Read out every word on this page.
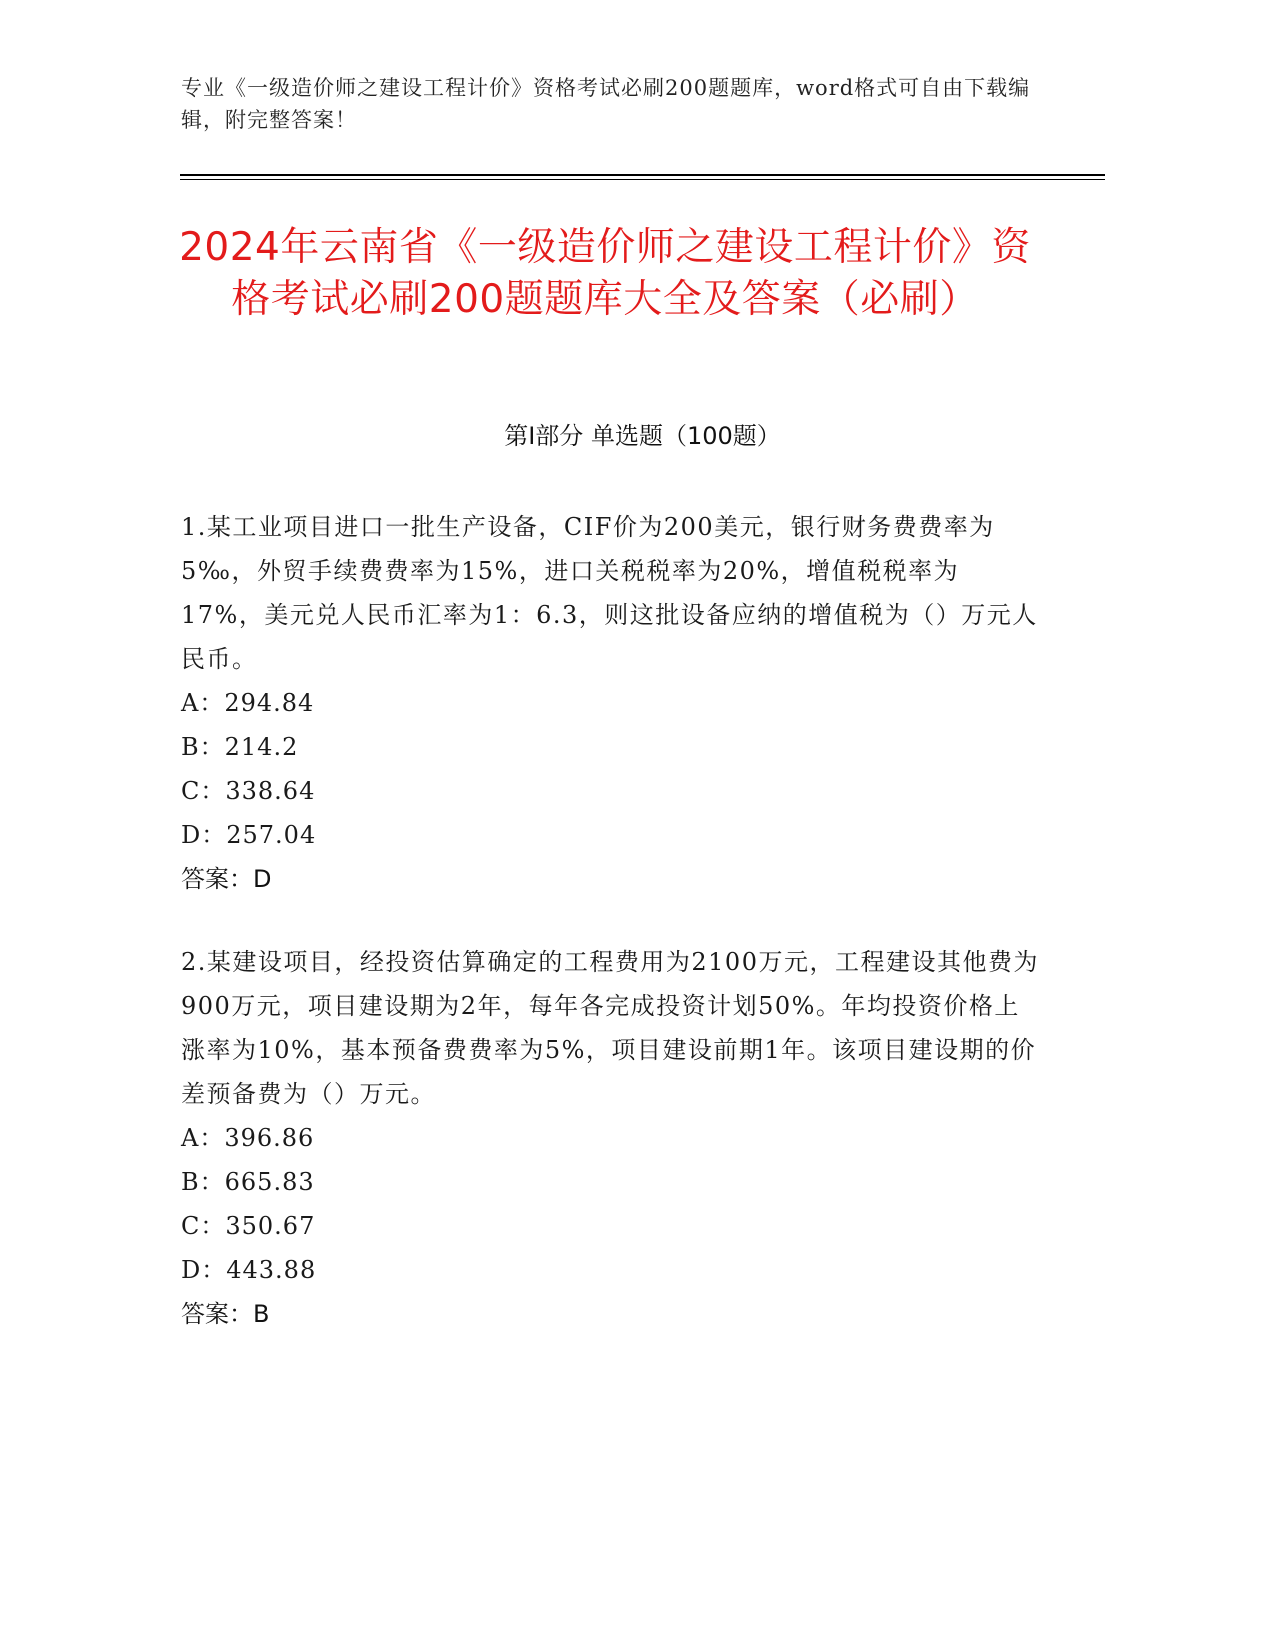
专业《一级造价师之建设工程计价》资格考试必刷200题题库，word格式可自由下载编辑，附完整答案！
2024年云南省《一级造价师之建设工程计价》资格考试必刷200题题库大全及答案（必刷）
第I部分 单选题（100题）
1.某工业项目进口一批生产设备，CIF价为200美元，银行财务费费率为5‰，外贸手续费费率为15%，进口关税税率为20%，增值税税率为17%，美元兑人民币汇率为1：6.3，则这批设备应纳的增值税为（）万元人民币。
A：294.84
B：214.2
C：338.64
D：257.04
答案：D
2.某建设项目，经投资估算确定的工程费用为2100万元，工程建设其他费为900万元，项目建设期为2年，每年各完成投资计划50%。年均投资价格上涨率为10%，基本预备费费率为5%，项目建设前期1年。该项目建设期的价差预备费为（）万元。
A：396.86
B：665.83
C：350.67
D：443.88
答案：B
